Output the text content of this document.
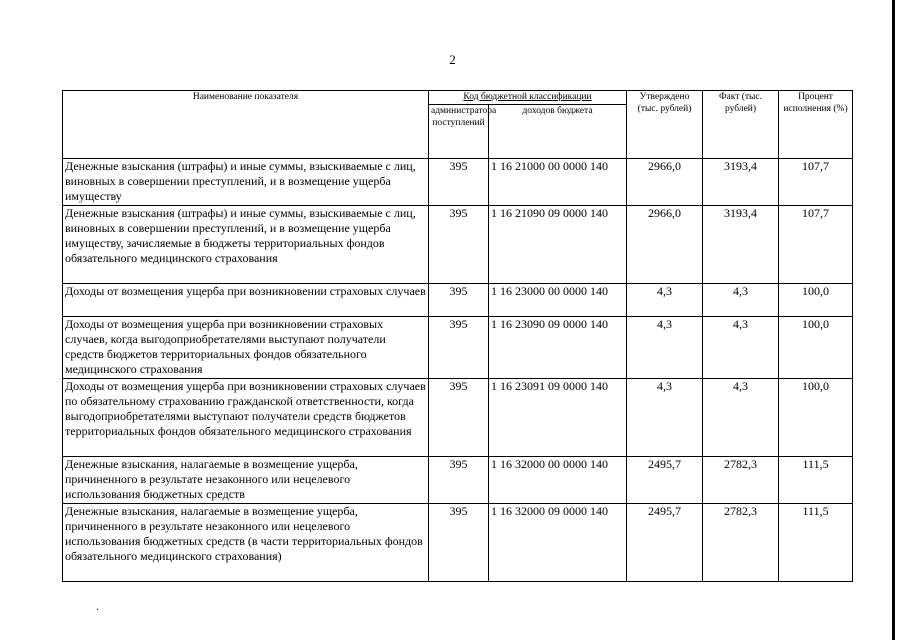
2
Наименование показателя	Код бюджетной классификации		Утверждено (тыс. рублей)	Факт (тыс. рублей)	Процент исполнения (%)
	администратора поступлений	доходов бюджета			
Денежные взыскания (штрафы) и иные суммы, взыскиваемые с лиц, виновных в совершении преступлений, и в возмещение ущерба имуществу	395	1 16 21000 00 0000 140	2966,0	3193,4	107,7
Денежные взыскания (штрафы) и иные суммы, взыскиваемые с лиц, виновных в совершении преступлений, и в возмещение ущерба имуществу, зачисляемые в бюджеты территориальных фондов обязательного медицинского страхования	395	1 16 21090 09 0000 140	2966,0	3193,4	107,7
Доходы от возмещения ущерба при возникновении страховых случаев	395	1 16 23000 00 0000 140	4,3	4,3	100,0
Доходы от возмещения ущерба при возникновении страховых случаев, когда выгодоприобретателями выступают получатели средств бюджетов территориальных фондов обязательного медицинского страхования	395	1 16 23090 09 0000 140	4,3	4,3	100,0
Доходы от возмещения ущерба при возникновении страховых случаев по обязательному страхованию гражданской ответственности, когда выгодоприобретателями выступают получатели средств бюджетов территориальных фондов обязательного медицинского страхования	395	1 16 23091 09 0000 140	4,3	4,3	100,0
Денежные взыскания, налагаемые в возмещение ущерба, причиненного в результате незаконного или нецелевого использования бюджетных средств	395	1 16 32000 00 0000 140	2495,7	2782,3	111,5
Денежные взыскания, налагаемые в возмещение ущерба, причиненного в результате незаконного или нецелевого использования бюджетных средств (в части территориальных фондов обязательного медицинского страхования)	395	1 16 32000 09 0000 140	2495,7	2782,3	111,5
·
